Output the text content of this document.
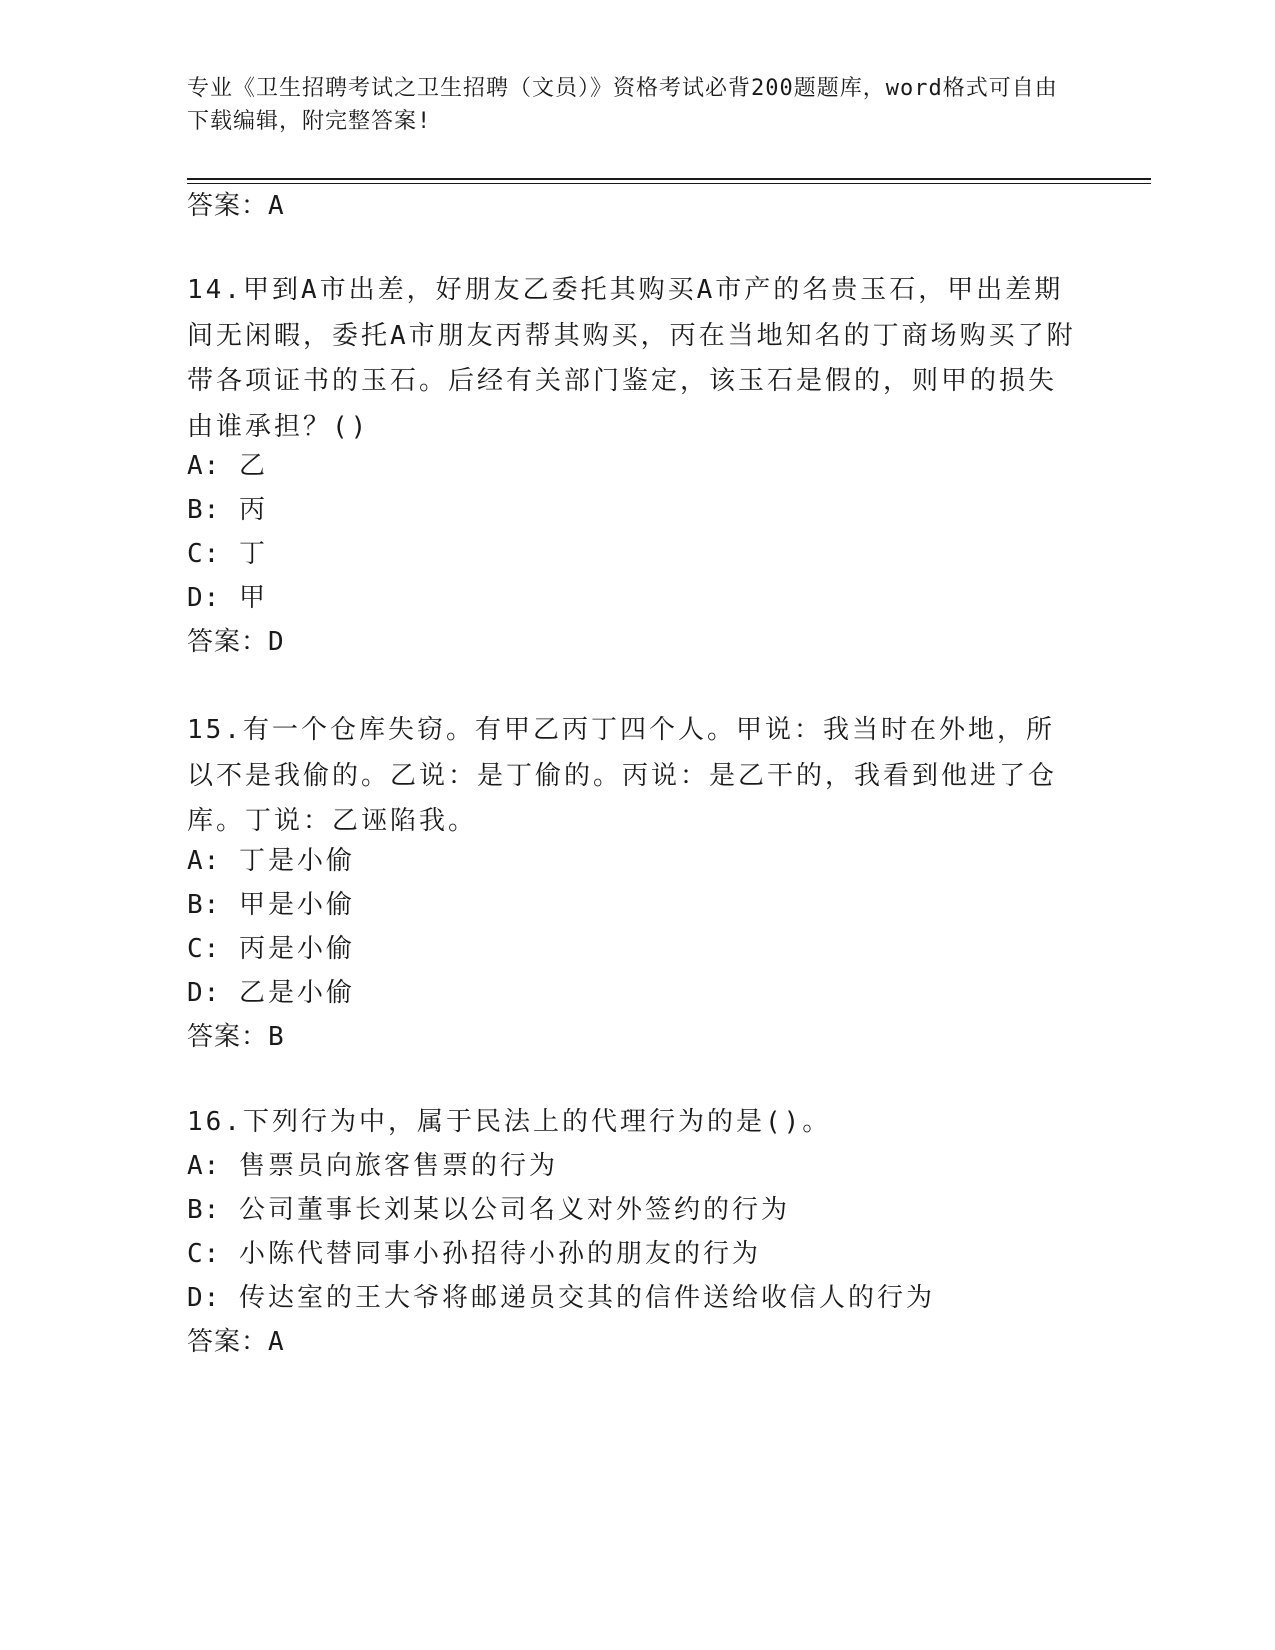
专业《卫生招聘考试之卫生招聘（文员）》资格考试必背200题题库，word格式可自由下载编辑，附完整答案!
答案：A
14.甲到A市出差，好朋友乙委托其购买A市产的名贵玉石，甲出差期间无闲暇，委托A市朋友丙帮其购买，丙在当地知名的丁商场购买了附带各项证书的玉石。后经有关部门鉴定，该玉石是假的，则甲的损失由谁承担？()
A: 乙
B: 丙
C: 丁
D: 甲
答案：D
15.有一个仓库失窃。有甲乙丙丁四个人。甲说：我当时在外地，所以不是我偷的。乙说：是丁偷的。丙说：是乙干的，我看到他进了仓库。丁说：乙诬陷我。
A: 丁是小偷
B: 甲是小偷
C: 丙是小偷
D: 乙是小偷
答案：B
16.下列行为中，属于民法上的代理行为的是()。
A: 售票员向旅客售票的行为
B: 公司董事长刘某以公司名义对外签约的行为
C: 小陈代替同事小孙招待小孙的朋友的行为
D: 传达室的王大爷将邮递员交其的信件送给收信人的行为
答案：A
